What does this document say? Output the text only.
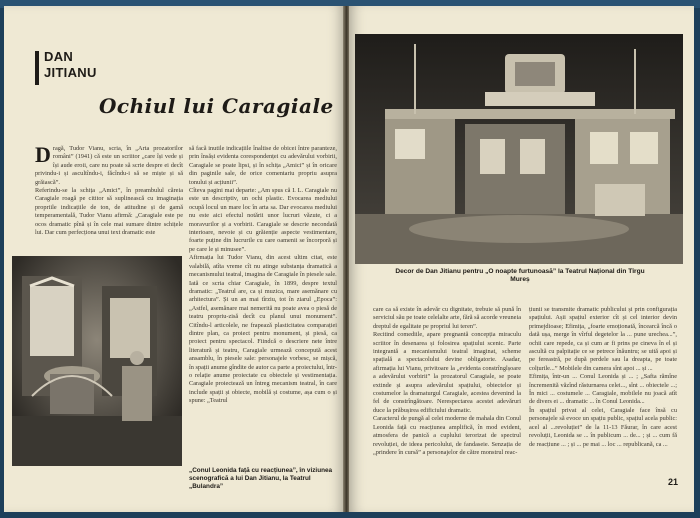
DAN
JITIANU
Ochiul lui Caragiale
D ragă, Tudor Vianu, scria, în „Arta prozatorilor români” (1941) că este un scriitor „care își vede și își aude eroii, care nu poate să scrie despre ei decît privindu-i și ascultîndu-i, făcîndu-i să se miște și să grăiască”.
Referindu-se la schița „Amici”, în preambulul căreia Caragiale roagă pe cititor să suplinească cu imaginația propriile indicațiile de ton, de atitudine și de gamă temperamentală, Tudor Vianu afirmă: „Caragiale este pe ocos dramatic pînă și în cele mai sumare dintre schițele lui. Dar cum perfecționa unui text dramatic este
să facă inutile indicațiile înaltise de obicei între paranteze, prin însăși evidenta corespondenței cu adevărului vorbirii, Caragiale se poate lipsi, și în schița „Amici” și în oricare din paginile sale, de orice comentariu propriu asupra tonului și acțiunii”.
Cîteva pagini mai departe: „Am spus că I. L. Caragiale nu este un descriptiv, un ochi plastic. Evocarea mediului ocupă locul un mare loc în arta sa. Dar evocarea mediului nu este aici efectul notării unor lucruri văzute, ci a moravurilor și a vorbirii. Caragiale se descrie necondată interioare, nevoie și cu grăienție aspecte vestimentare, foarte puține din lucrurile cu care oamenii se încorporă și pe care le și minusee”.
Afirmația lui Tudor Vianu, din acest ultim citat, este valabilă, atîta vreme cît nu atinge substanța dramatică a mecanismului teatral, imagina de Caragiale în piesele sale.
Iată ce scria chiar Caragiale, în 1899, despre textul dramatic: „Teatrul are, ca și muzica, mare asemănare cu arhitectura”. Și un an mai tîrziu, tot în ziarul „Epoca”: „Astfel, asemănare mai nemerită nu poate avea o piesă de teatru propriu-zisă decît cu planul unui monument”. Citîndu-l articolele, ne frapează plasticitatea comparației dintre plan, ca proiect pentru monument, și piesă, ca proiect pentru spectacol. Fiindcă o descriere nete între literatură și teatru, Caragiale urmează concepută acest ansamblu, în piesele sale: personajele vorbesc, se mișcă, în spații anume gîndite de autor ca parte a proiectului, într-o relație anume proiectate cu obiectele și vestimentația. Caragiale proiectează un întreg mecanism teatral, în care include spații și obiecte, mobilă și costume, așa cum o și spune: „Teatrul
„Conul Leonida față cu reacțiunea”, în viziunea scenografică a lui Dan Jitianu, la Teatrul „Bulandra”
Decor de Dan Jitianu pentru „O noapte furtunoasă” la Teatrul Național din Tîrgu Mureș
care ca să existe în adevăr cu dignitate, trebuie să pună în serviciul său pe toate celelalte arte, fără să acorde vreuneia dreptul de egalitate pe propriul lui teren”.
Recitind comediile, apare pregnantă concepția miraculu scriitor în desenarea și folosirea spațiului scenic. Parte integrantă a mecanismului teatral imaginat, scheme spațială a spectacolului devine obligatorie. Asadar, afirmația lui Vianu, privitoare la „evidenta constrînglșoare a adevărului vorbirii” la prozatorul Caragiale, se poate extinde și asupra adevărului spațiului, obiectelor și costumelor la dramaturgul Caragiale, acestea devenind la fel de constrîngătoare. Nerespectarea acestei adevăruri duce la prăbușirea edificiului dramatic.
Caracterul de pungă al celei moderne de mahala din Conul Leonida față cu reacțiunea amplifică, în mod evident, atmosfera de panică a cuplului terorizat de spectrul revoluției, de ideea pericolului, de fandaseie. Senzația de „prindere în cursă” a personajelor de către monstrul reac-
țiunii se transmite dramatic publicului și prin configurația spațiului. Așii spațiul exterior cît și cel interior devin primejdioase; Efimița, „foarte emoționată, încearcă încă o dată ușa, merge în vîrful degetelor la ... pune urechea...”, ochii care repede, ca și cum ar fi prins pe cineva în el și ascultă cu palpitație ce se petrece înăuntru; se uită apoi și pe fereastră, pe după perdele sau la dreapta, pe toate colțurile...” Mobilele din camera sînt apoi ... și ...
Efimița, într-un ... Conul Leonida și ... ; „Safta rămîne încremenită văzînd răsturnarea celei..., sînt ... obiectele ...; În mici ... costumele ... Caragiale, mobilele nu joacă atît de divers ei ... dramatic ... în Conul Leonida...
În spațiul privat al celei, Caragiale face însă cu personajele să evoce un spațiu public, spațiul acela public: acel al ...revoluției” de la 11-13 Făurar, în care acest revoluții, Leonida se ... în publicum ... de... ; și ... cum fă de reacțiune ... ; și ... pe mai ... loc ... republicană, ca ...
21
